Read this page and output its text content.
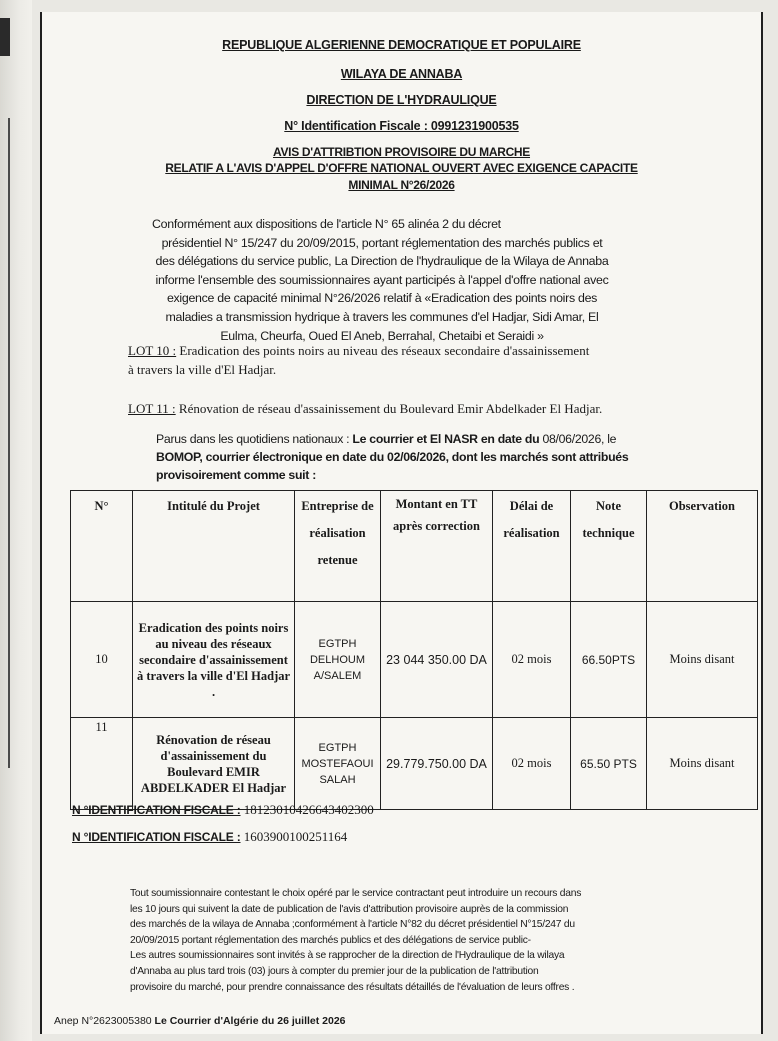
REPUBLIQUE ALGERIENNE DEMOCRATIQUE ET POPULAIRE
WILAYA DE ANNABA
DIRECTION DE L'HYDRAULIQUE
N° Identification Fiscale : 0991231900535
AVIS D'ATTRIBTION PROVISOIRE DU MARCHE
RELATIF A L'AVIS D'APPEL D'OFFRE NATIONAL OUVERT AVEC EXIGENCE CAPACITE
MINIMAL N°26/2026
Conformément aux dispositions de l'article N° 65 alinéa 2 du décret
présidentiel N° 15/247 du 20/09/2015, portant réglementation des marchés publics et
des délégations du service public, La Direction de l'hydraulique de la Wilaya de Annaba
informe l'ensemble des soumissionnaires ayant participés à l'appel d'offre national avec
exigence de capacité minimal N°26/2026 relatif à «Eradication des points noirs des
maladies a transmission hydrique à travers les communes d'el Hadjar, Sidi Amar, El
Eulma, Cheurfa, Oued El Aneb, Berrahal, Chetaibi et Seraidi »
LOT 10 : Eradication des points noirs au niveau des réseaux secondaire d'assainissement
à travers la ville d'El Hadjar.
LOT 11 : Rénovation de réseau d'assainissement du Boulevard Emir Abdelkader El Hadjar.
Parus dans les quotidiens nationaux : Le courrier et El NASR en date du 08/06/2026, le
BOMOP, courrier électronique en date du 02/06/2026, dont les marchés sont attribués
provisoirement comme suit :
N°	Intitulé du Projet	Entreprise de réalisation retenue	Montant en TT après correction	Délai de réalisation	Note technique	Observation
10	Eradication des points noirs au niveau des réseaux secondaire d'assainissement à travers la ville d'El Hadjar .	EGTPH
DELHOUM
A/SALEM	23 044 350.00 DA	02 mois	66.50PTS	Moins disant
11	Rénovation de réseau d'assainissement du Boulevard EMIR ABDELKADER El Hadjar	EGTPH
MOSTEFAOUI
SALAH	29.779.750.00 DA	02 mois	65.50 PTS	Moins disant
N °IDENTIFICATION FISCALE : 181230104266434023​00
N °IDENTIFICATION FISCALE : 1603900100251164

Tout soumissionnaire contestant le choix opéré par le service contractant peut introduire un recours dans

les 10 jours qui suivent la date de publication de l'avis d'attribution provisoire auprès de la commission

des marchés de la wilaya de Annaba ;conformément à l'article N°82 du décret présidentiel N°15/247 du

20/09/2015 portant réglementation des marchés publics et des délégations de service public-

Les autres soumissionnaires sont invités à se rapprocher de la direction de l'Hydraulique de la wilaya

d'Annaba au plus tard trois (03) jours à compter du premier jour de la publication de l'attribution

provisoire du marché, pour prendre connaissance des résultats détaillés de l'évaluation de leurs offres .

Anep N°2623005380 Le Courrier d'Algérie du 26 juillet 2026
